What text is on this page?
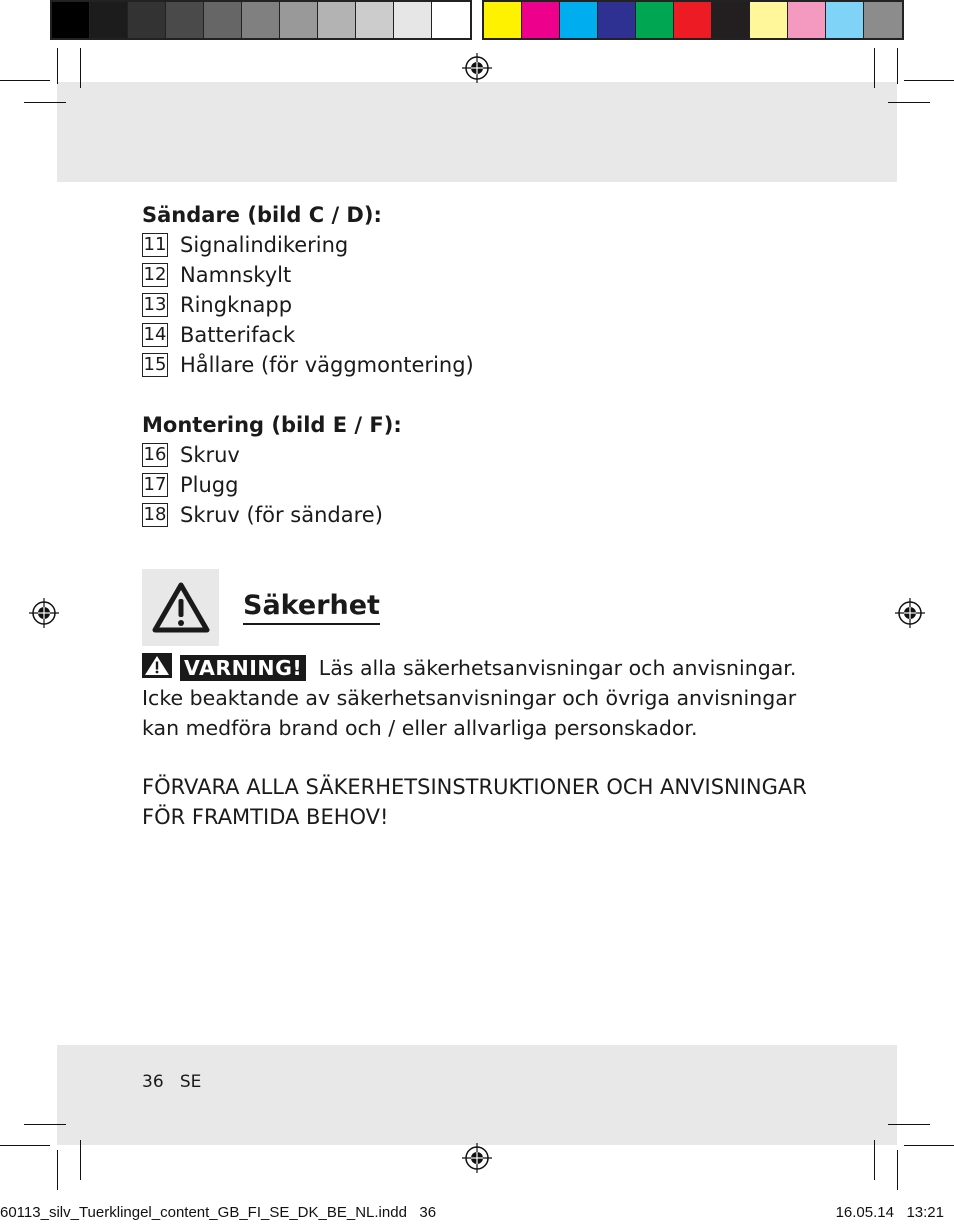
Sändare (bild C / D):
11 Signalindikering
12 Namnskylt
13 Ringknapp
14 Batterifack
15 Hållare (för väggmontering)
Montering (bild E / F):
16 Skruv
17 Plugg
18 Skruv (för sändare)
Säkerhet
VARNING! Läs alla säkerhetsanvisningar och anvisningar. Icke beaktande av säkerhetsanvisningar och övriga anvisningar kan medföra brand och / eller allvarliga personskador.
FÖRVARA ALLA SÄKERHETSINSTRUKTIONER OCH ANVISNINGAR FÖR FRAMTIDA BEHOV!
36 SE
60113_silv_Tuerklingel_content_GB_FI_SE_DK_BE_NL.indd   36	16.05.14   13:21
